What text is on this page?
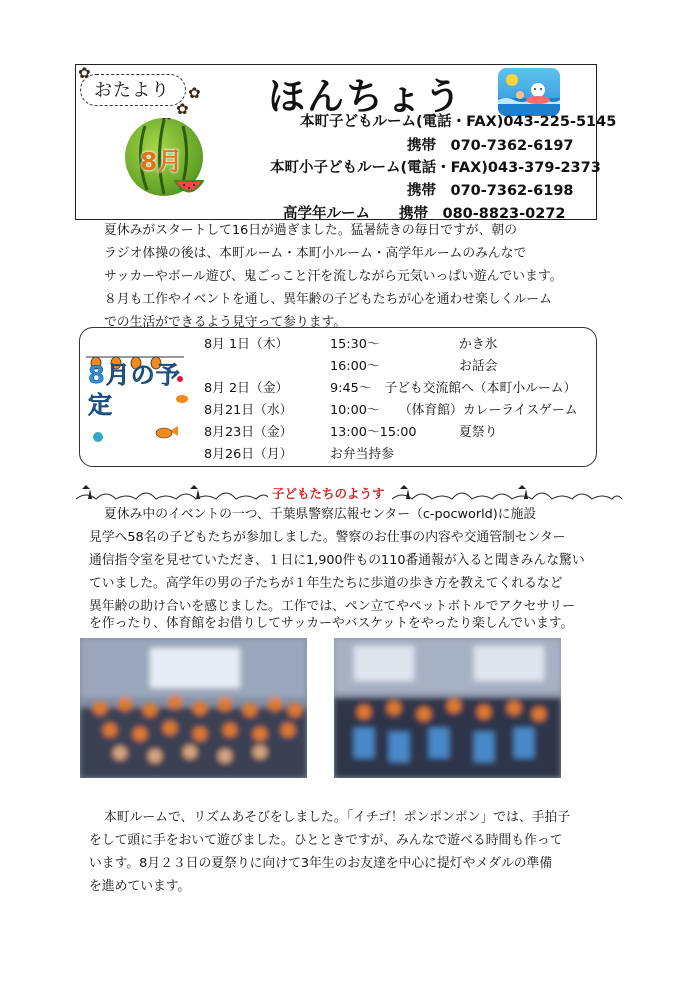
✿
✿
✿
おたより	ほんちょう
8月
本町子どもルーム(電話・FAX)043-225-5145
携帯　070-7362-6197
本町小子どもルーム(電話・FAX)043-379-2373
携帯　070-7362-6198
高学年ルーム　　携帯　080-8823-0272
夏休みがスタートして16日が過ぎました。猛暑続きの毎日ですが、朝の
ラジオ体操の後は、本町ルーム・本町小ルーム・高学年ルームのみんなで
サッカーやボール遊び、鬼ごっこと汗を流しながら元気いっぱい遊んでいます。
８月も工作やイベントを通し、異年齢の子どもたちが心を通わせ楽しくルーム
での生活ができるよう見守って参ります。
8月の予定
8月 1日（木）	15:30〜	かき氷
16:00〜	お話会
8月 2日（金）	9:45〜　子ども交流館へ（本町小ルーム）
8月21日（水）	10:00〜　　（体育館）カレーライスゲーム
8月23日（金）	13:00〜15:00	夏祭り
8月26日（月）	お弁当持参
子どもたちのようす
夏休み中のイベントの一つ、千葉県警察広報センター（c-pocworld)に施設
見学へ58名の子どもたちが参加しました。警察のお仕事の内容や交通管制センター
通信指令室を見せていただき、１日に1,900件もの110番通報が入ると聞きみんな驚い
ていました。高学年の男の子たちが１年生たちに歩道の歩き方を教えてくれるなど
異年齢の助け合いを感じました。工作では、ペン立てやペットボトルでアクセサリー
を作ったり、体育館をお借りしてサッカーやバスケットをやったり楽しんでいます。
本町ルームで、リズムあそびをしました。「イチゴ！ポンポンポン」では、手拍子
をして頭に手をおいて遊びました。ひとときですが、みんなで遊べる時間も作って
います。8月２３日の夏祭りに向けて3年生のお友達を中心に提灯やメダルの準備
を進めています。
